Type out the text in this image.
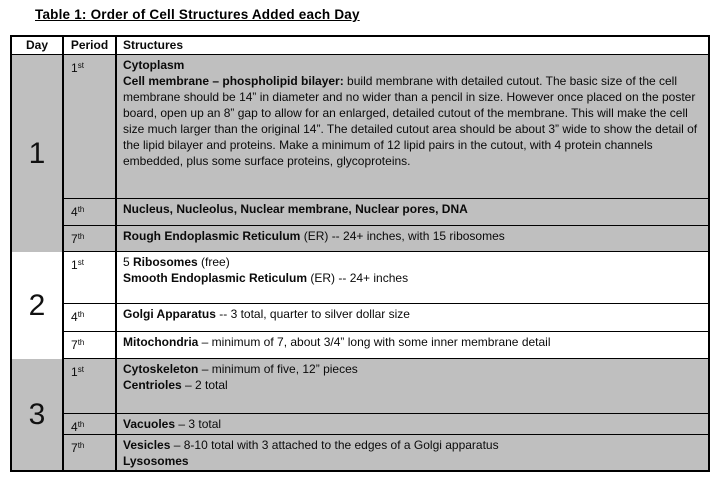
Table 1: Order of Cell Structures Added each Day
Day	Period	Structures
1
1st	Cytoplasm
Cell membrane – phospholipid bilayer: build membrane with detailed cutout. The basic size of the cell membrane should be 14” in diameter and no wider than a pencil in size. However once placed on the poster board, open up an 8” gap to allow for an enlarged, detailed cutout of the membrane. This will make the cell size much larger than the original 14”. The detailed cutout area should be about 3” wide to show the detail of the lipid bilayer and proteins. Make a minimum of 12 lipid pairs in the cutout, with 4 protein channels embedded, plus some surface proteins, glycoproteins.
4th	Nucleus, Nucleolus, Nuclear membrane, Nuclear pores, DNA
7th	Rough Endoplasmic Reticulum (ER) -- 24+ inches, with 15 ribosomes
2
1st	5 Ribosomes (free)
Smooth Endoplasmic Reticulum (ER) -- 24+ inches
4th	Golgi Apparatus -- 3 total, quarter to silver dollar size
7th	Mitochondria – minimum of 7, about 3/4” long with some inner membrane detail
3
1st	Cytoskeleton – minimum of five, 12” pieces
Centrioles – 2 total
4th	Vacuoles – 3 total
7th	Vesicles – 8-10 total with 3 attached to the edges of a Golgi apparatus
Lysosomes
